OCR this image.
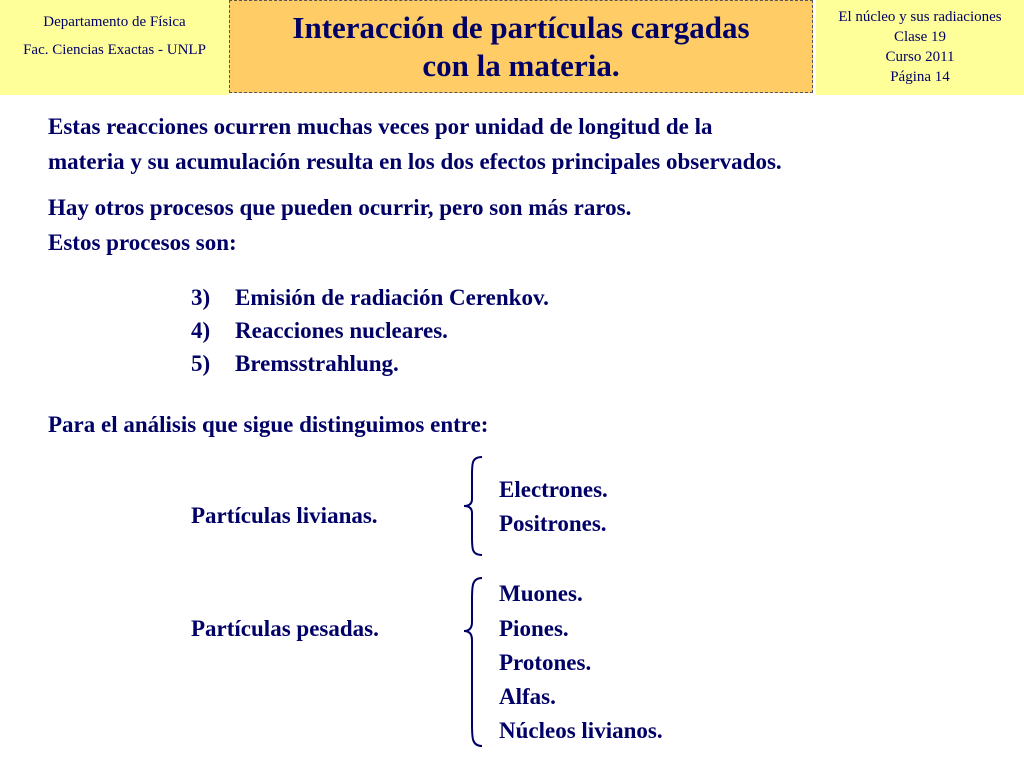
Departamento de Física
Fac. Ciencias Exactas - UNLP
Interacción de partículas cargadas
con la materia.
El núcleo y sus radiaciones
Clase 19
Curso 2011
Página 14
Estas reacciones ocurren muchas veces por unidad de longitud de la
materia y su acumulación resulta en los dos efectos principales observados.
Hay otros procesos que pueden ocurrir, pero son más raros.
Estos procesos son:
3) Emisión de radiación Cerenkov.
4) Reacciones nucleares.
5) Bremsstrahlung.
Para el análisis que sigue distinguimos entre:
Partículas livianas.
Electrones.
Positrones.
Partículas pesadas.
Muones.
Piones.
Protones.
Alfas.
Núcleos livianos.
